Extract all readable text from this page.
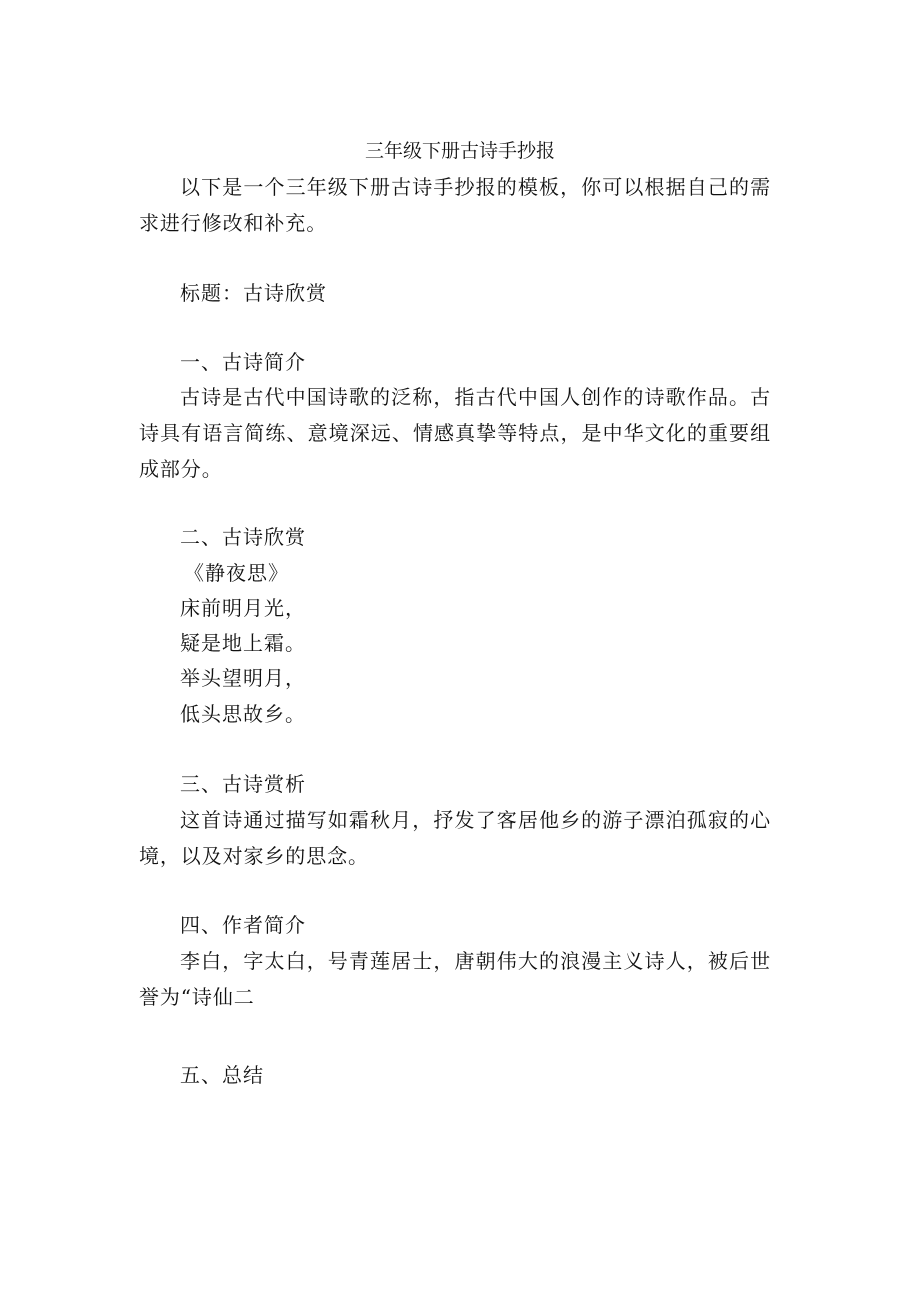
三年级下册古诗手抄报
以下是一个三年级下册古诗手抄报的模板，你可以根据自己的需求进行修改和补充。
标题：古诗欣赏
一、古诗简介
古诗是古代中国诗歌的泛称，指古代中国人创作的诗歌作品。古诗具有语言简练、意境深远、情感真挚等特点，是中华文化的重要组成部分。
二、古诗欣赏
《静夜思》
床前明月光，
疑是地上霜。
举头望明月，
低头思故乡。
三、古诗赏析
这首诗通过描写如霜秋月，抒发了客居他乡的游子漂泊孤寂的心境，以及对家乡的思念。
四、作者简介
李白，字太白，号青莲居士，唐朝伟大的浪漫主义诗人，被后世誉为“诗仙二
五、总结
